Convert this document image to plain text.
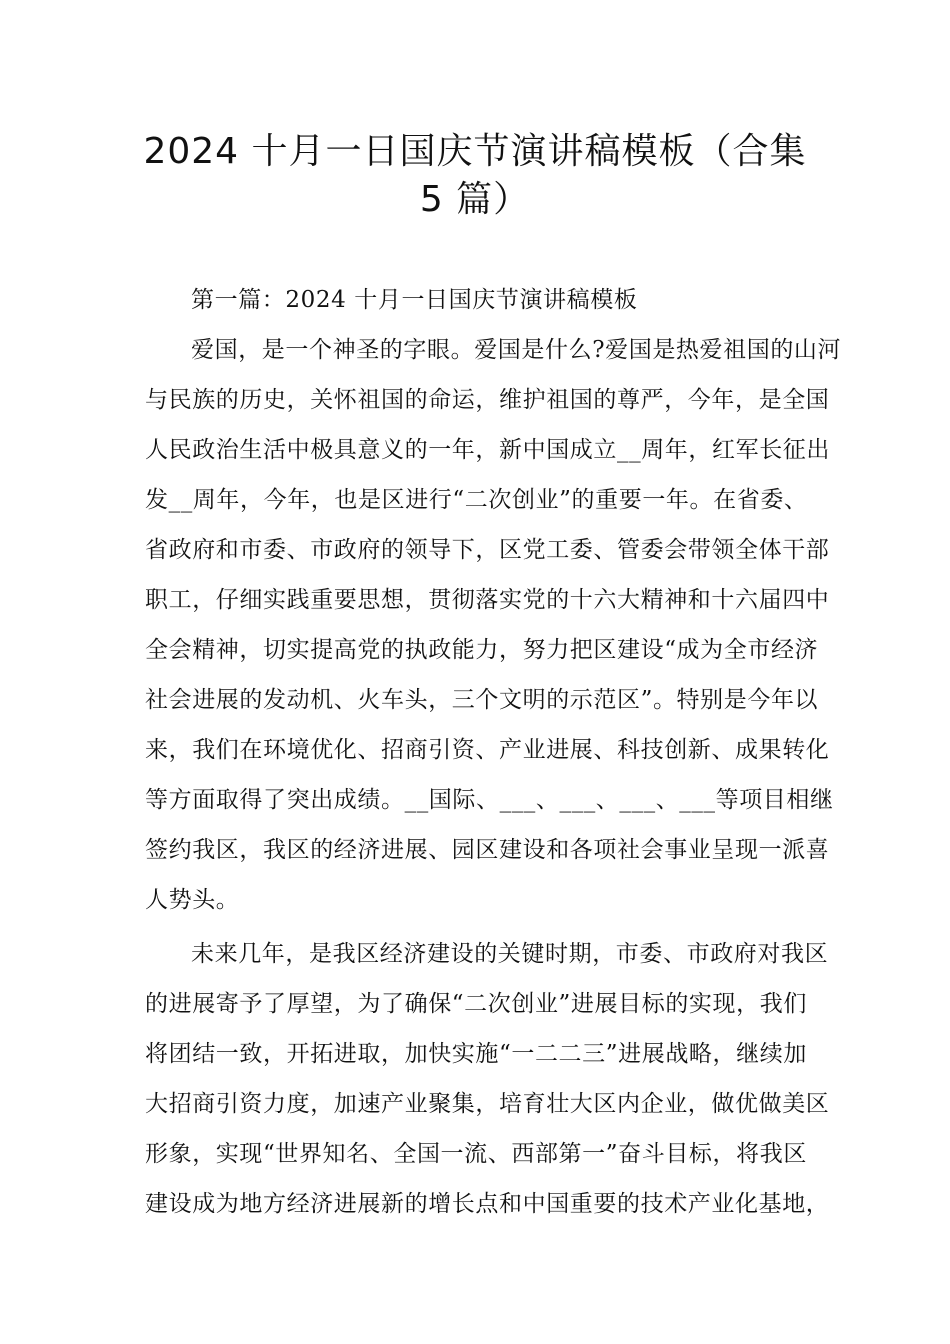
2024 十月一日国庆节演讲稿模板（合集
5 篇）
第一篇：2024 十月一日国庆节演讲稿模板
爱国，是一个神圣的字眼。爱国是什么?爱国是热爱祖国的山河
与民族的历史，关怀祖国的命运，维护祖国的尊严，今年，是全国
人民政治生活中极具意义的一年，新中国成立__周年，红军长征出
发__周年，今年，也是区进行“二次创业”的重要一年。在省委、
省政府和市委、市政府的领导下，区党工委、管委会带领全体干部
职工，仔细实践重要思想，贯彻落实党的十六大精神和十六届四中
全会精神，切实提高党的执政能力，努力把区建设“成为全市经济
社会进展的发动机、火车头，三个文明的示范区”。特别是今年以
来，我们在环境优化、招商引资、产业进展、科技创新、成果转化
等方面取得了突出成绩。__国际、___、___、___、___等项目相继
签约我区，我区的经济进展、园区建设和各项社会事业呈现一派喜
人势头。
未来几年，是我区经济建设的关键时期，市委、市政府对我区
的进展寄予了厚望，为了确保“二次创业”进展目标的实现，我们
将团结一致，开拓进取，加快实施“一二二三”进展战略，继续加
大招商引资力度，加速产业聚集，培育壮大区内企业，做优做美区
形象，实现“世界知名、全国一流、西部第一”奋斗目标，将我区
建设成为地方经济进展新的增长点和中国重要的技术产业化基地，
